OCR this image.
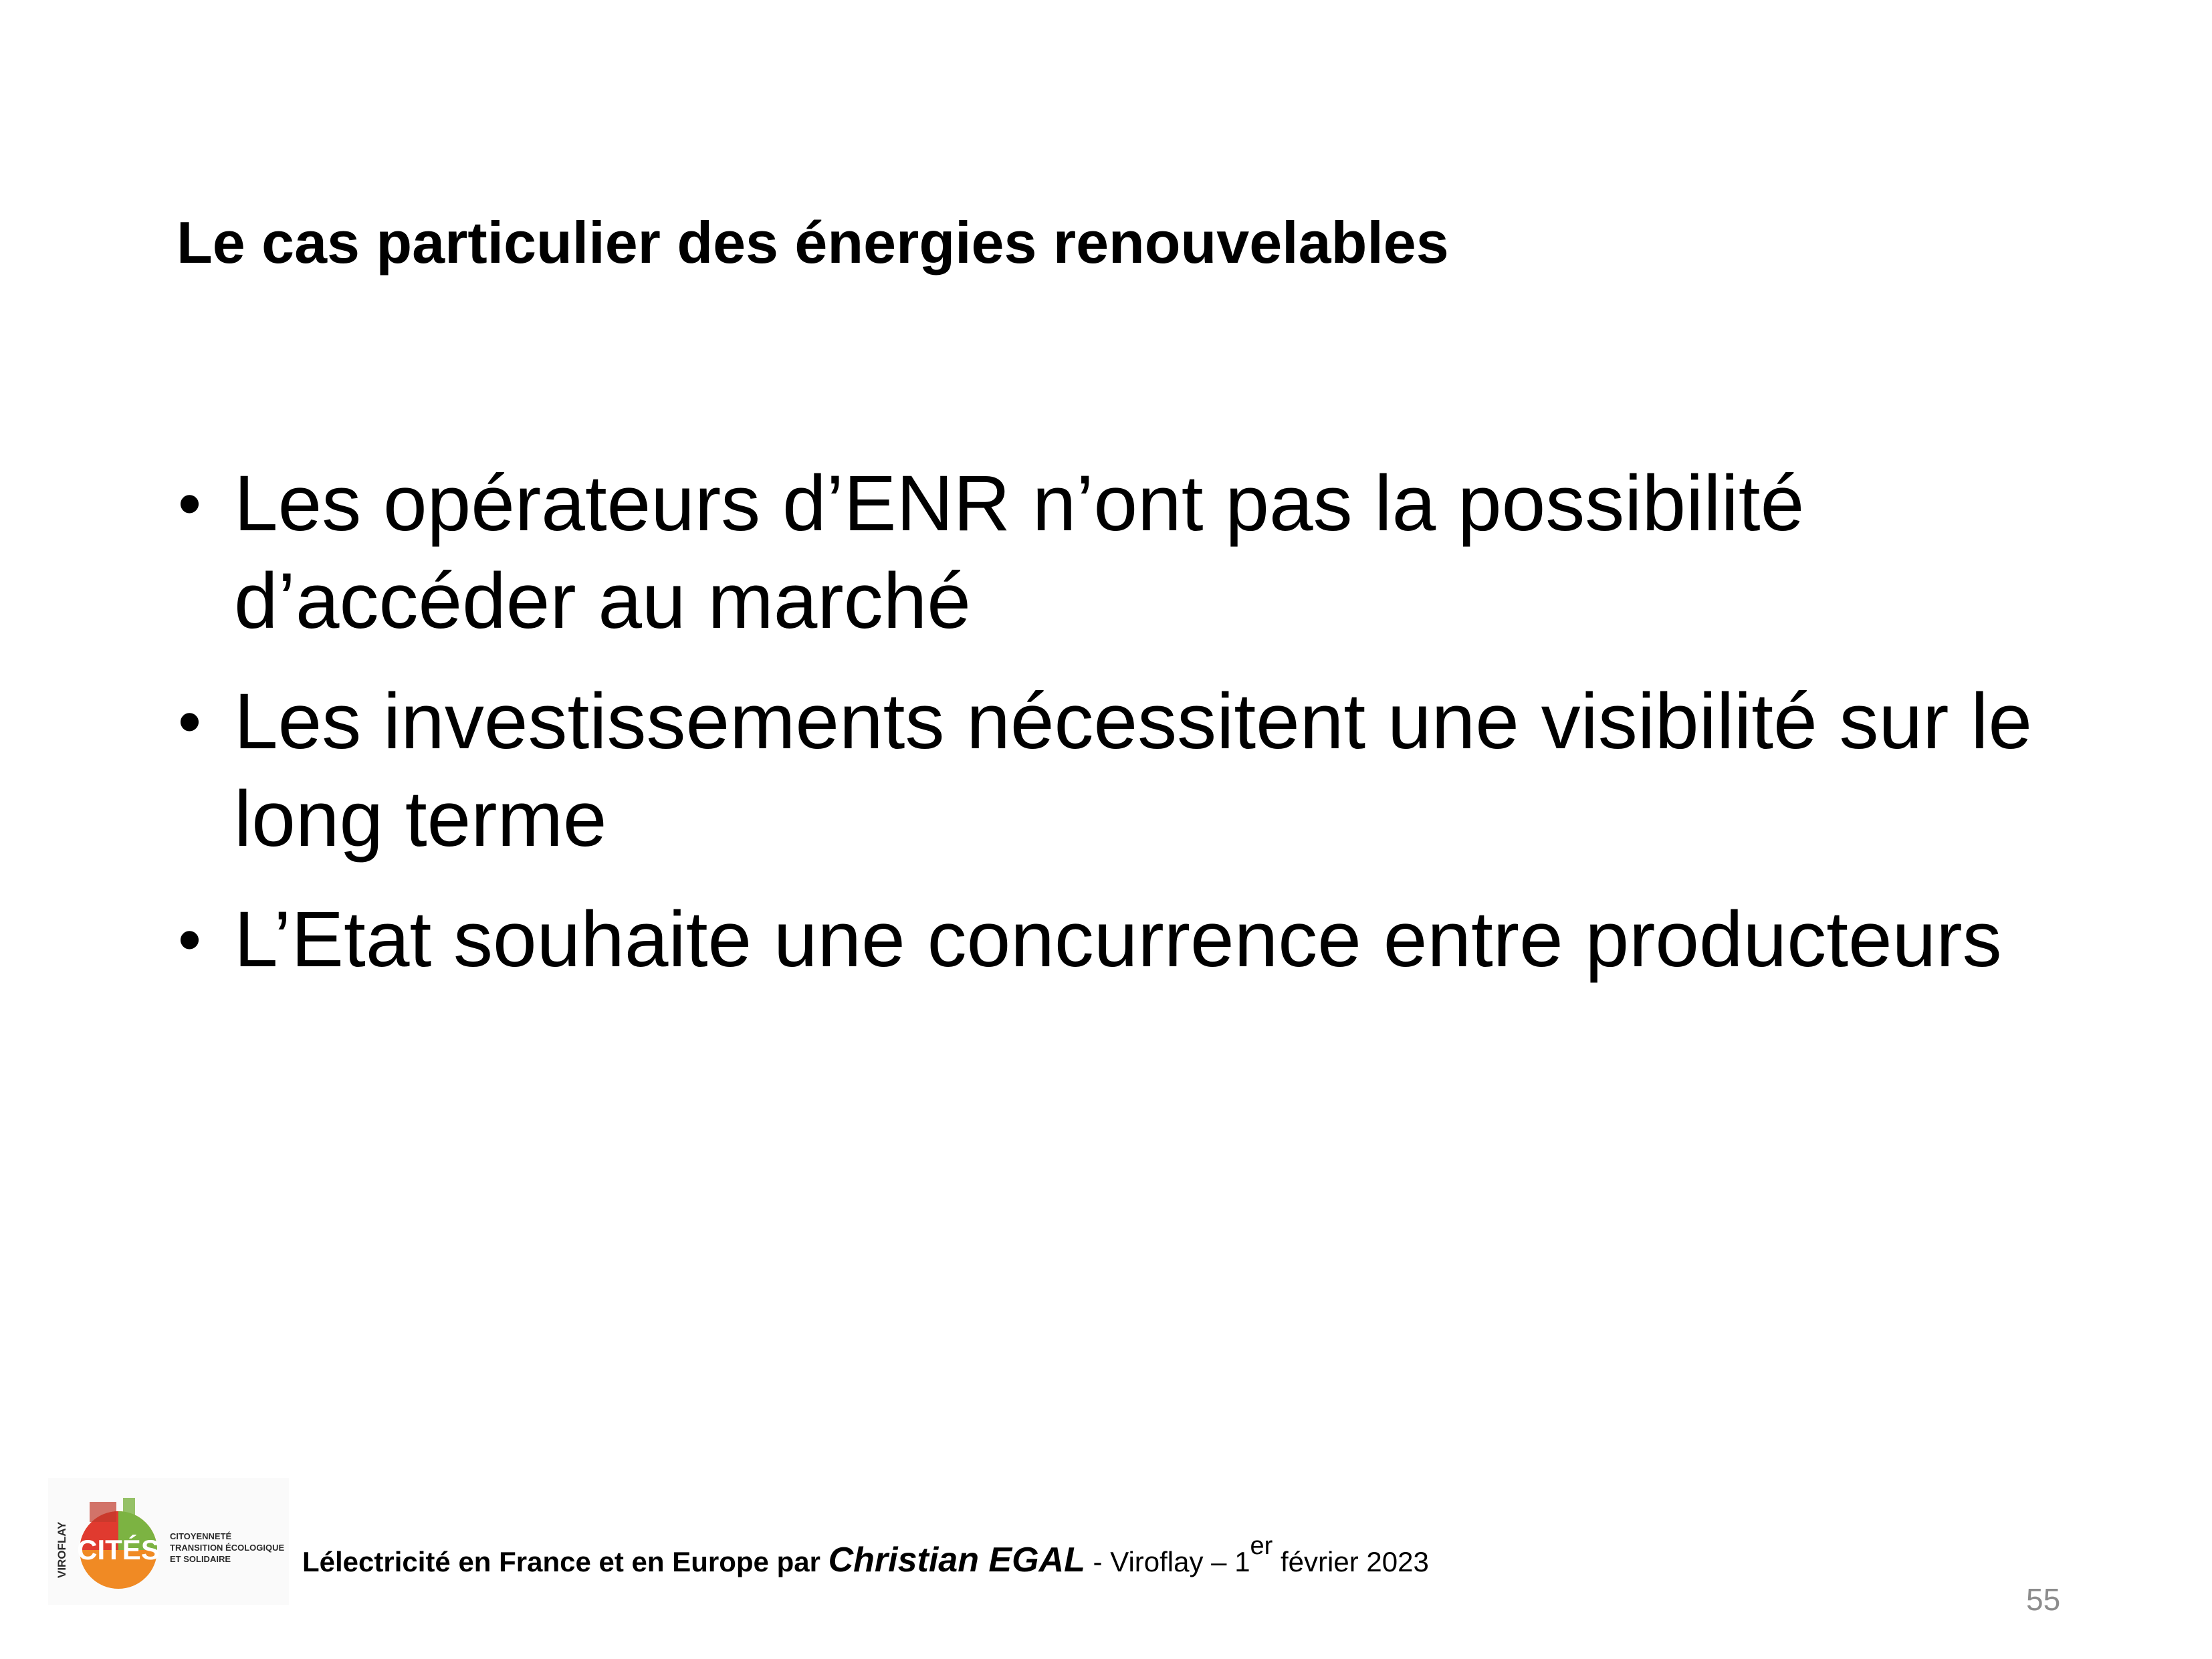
Le cas particulier des énergies renouvelables
• Les opérateurs d’ENR n’ont pas la possibilité d’accéder au marché
• Les investissements nécessitent une visibilité sur le long terme
• L’Etat souhaite une concurrence entre producteurs
VIROFLAY CITÉS CITOYENNETÉ
TRANSITION ÉCOLOGIQUE
ET SOLIDAIRE	Lélectricité en France et en Europe par Christian EGAL - Viroflay – 1er février 2023
55
